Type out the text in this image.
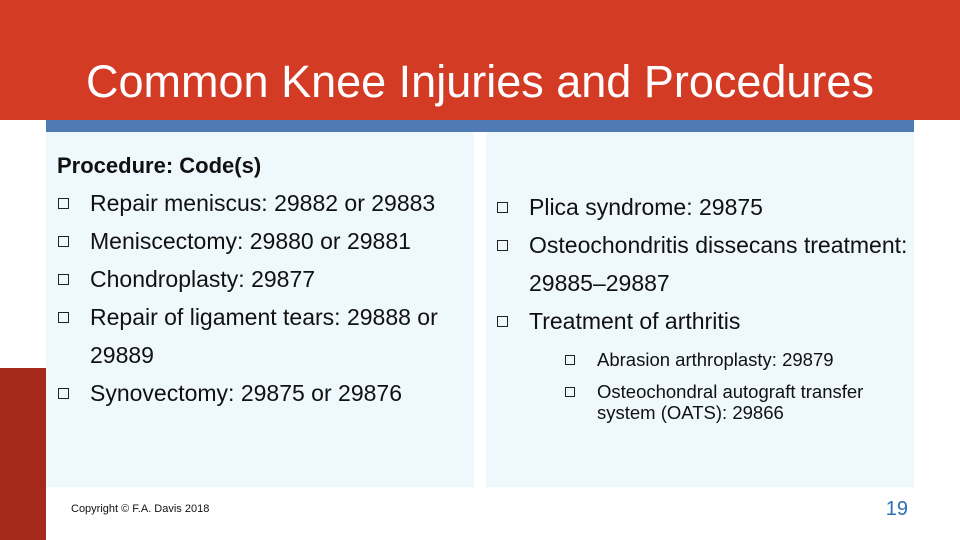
Common Knee Injuries and Procedures

Procedure: Code(s)

Repair meniscus: 29882 or 29883
Meniscectomy: 29880 or 29881
Chondroplasty: 29877
Repair of ligament tears: 29888 or 29889
Synovectomy: 29875 or 29876
Plica syndrome: 29875
Osteochondritis dissecans treatment: 29885–29887
Treatment of arthritis
Abrasion arthroplasty: 29879
Osteochondral autograft transfer
system (OATS): 29866
Copyright © F.A. Davis 2018	19
